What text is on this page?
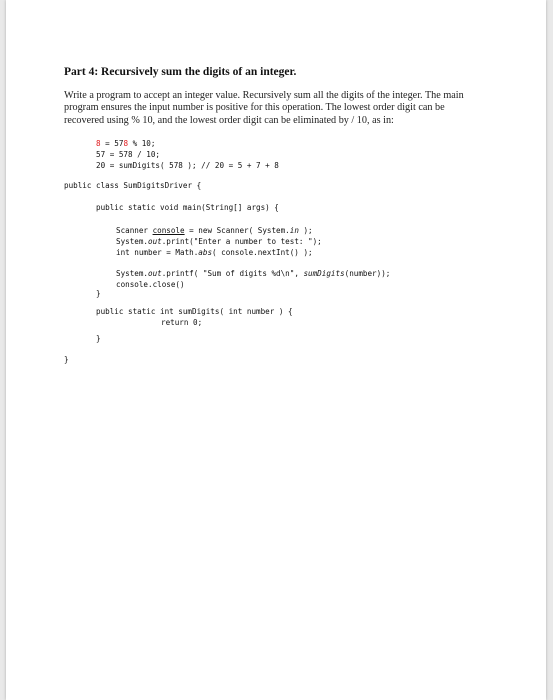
Part 4: Recursively sum the digits of an integer.
Write a program to accept an integer value. Recursively sum all the digits of the integer. The main program ensures the input number is positive for this operation. The lowest order digit can be recovered using % 10, and the lowest order digit can be eliminated by / 10, as in:
8 = 578 % 10;
57 = 578 / 10;
20 = sumDigits( 578 ); // 20 = 5 + 7 + 8
public class SumDigitsDriver {
public static void main(String[] args) {
Scanner console = new Scanner( System.in );
System.out.print("Enter a number to test: ");
int number = Math.abs( console.nextInt() );
System.out.printf( "Sum of digits %d\n", sumDigits(number));
console.close()
}
public static int sumDigits( int number ) {
return 0;
}
}
